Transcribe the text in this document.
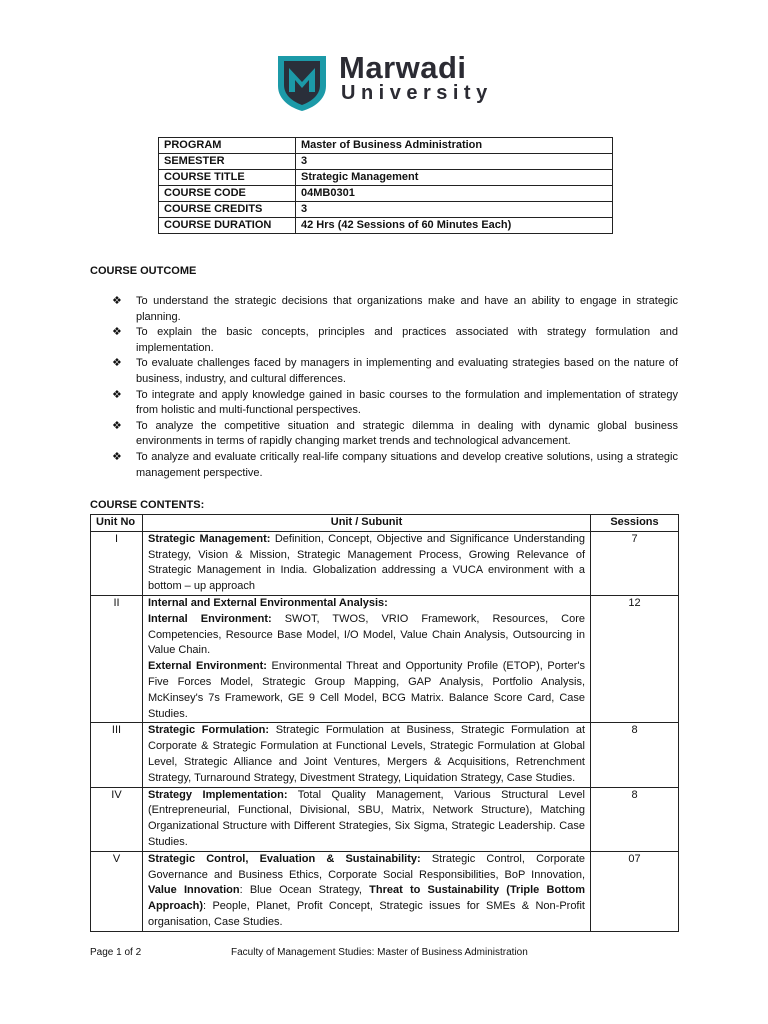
Marwadi
University
PROGRAM	Master of Business Administration
SEMESTER	3
COURSE TITLE	Strategic Management
COURSE CODE	04MB0301
COURSE CREDITS	3
COURSE DURATION	42 Hrs (42 Sessions of 60 Minutes Each)
COURSE OUTCOME
❖ To understand the strategic decisions that organizations make and have an ability to engage in strategic planning.
❖ To explain the basic concepts, principles and practices associated with strategy formulation and implementation.
❖ To evaluate challenges faced by managers in implementing and evaluating strategies based on the nature of business, industry, and cultural differences.
❖ To integrate and apply knowledge gained in basic courses to the formulation and implementation of strategy from holistic and multi-functional perspectives.
❖ To analyze the competitive situation and strategic dilemma in dealing with dynamic global business environments in terms of rapidly changing market trends and technological advancement.
❖ To analyze and evaluate critically real-life company situations and develop creative solutions, using a strategic management perspective.
COURSE CONTENTS:
Unit No	Unit / Subunit	Sessions
I	Strategic Management: Definition, Concept, Objective and Significance Understanding Strategy, Vision & Mission, Strategic Management Process, Growing Relevance of Strategic Management in India. Globalization addressing a VUCA environment with a bottom – up approach	7
II	Internal and External Environmental Analysis:
Internal Environment: SWOT, TWOS, VRIO Framework, Resources, Core Competencies, Resource Base Model, I/O Model, Value Chain Analysis, Outsourcing in Value Chain.
External Environment: Environmental Threat and Opportunity Profile (ETOP), Porter's Five Forces Model, Strategic Group Mapping, GAP Analysis, Portfolio Analysis, McKinsey's 7s Framework, GE 9 Cell Model, BCG Matrix. Balance Score Card, Case Studies.	12
III	Strategic Formulation: Strategic Formulation at Business, Strategic Formulation at Corporate & Strategic Formulation at Functional Levels, Strategic Formulation at Global Level, Strategic Alliance and Joint Ventures, Mergers & Acquisitions, Retrenchment Strategy, Turnaround Strategy, Divestment Strategy, Liquidation Strategy, Case Studies.	8
IV	Strategy Implementation: Total Quality Management, Various Structural Level (Entrepreneurial, Functional, Divisional, SBU, Matrix, Network Structure), Matching Organizational Structure with Different Strategies, Six Sigma, Strategic Leadership. Case Studies.	8
V	Strategic Control, Evaluation & Sustainability: Strategic Control, Corporate Governance and Business Ethics, Corporate Social Responsibilities, BoP Innovation, Value Innovation: Blue Ocean Strategy, Threat to Sustainability (Triple Bottom Approach): People, Planet, Profit Concept, Strategic issues for SMEs & Non-Profit organisation, Case Studies.	07
Page 1 of 2	Faculty of Management Studies: Master of Business Administration
